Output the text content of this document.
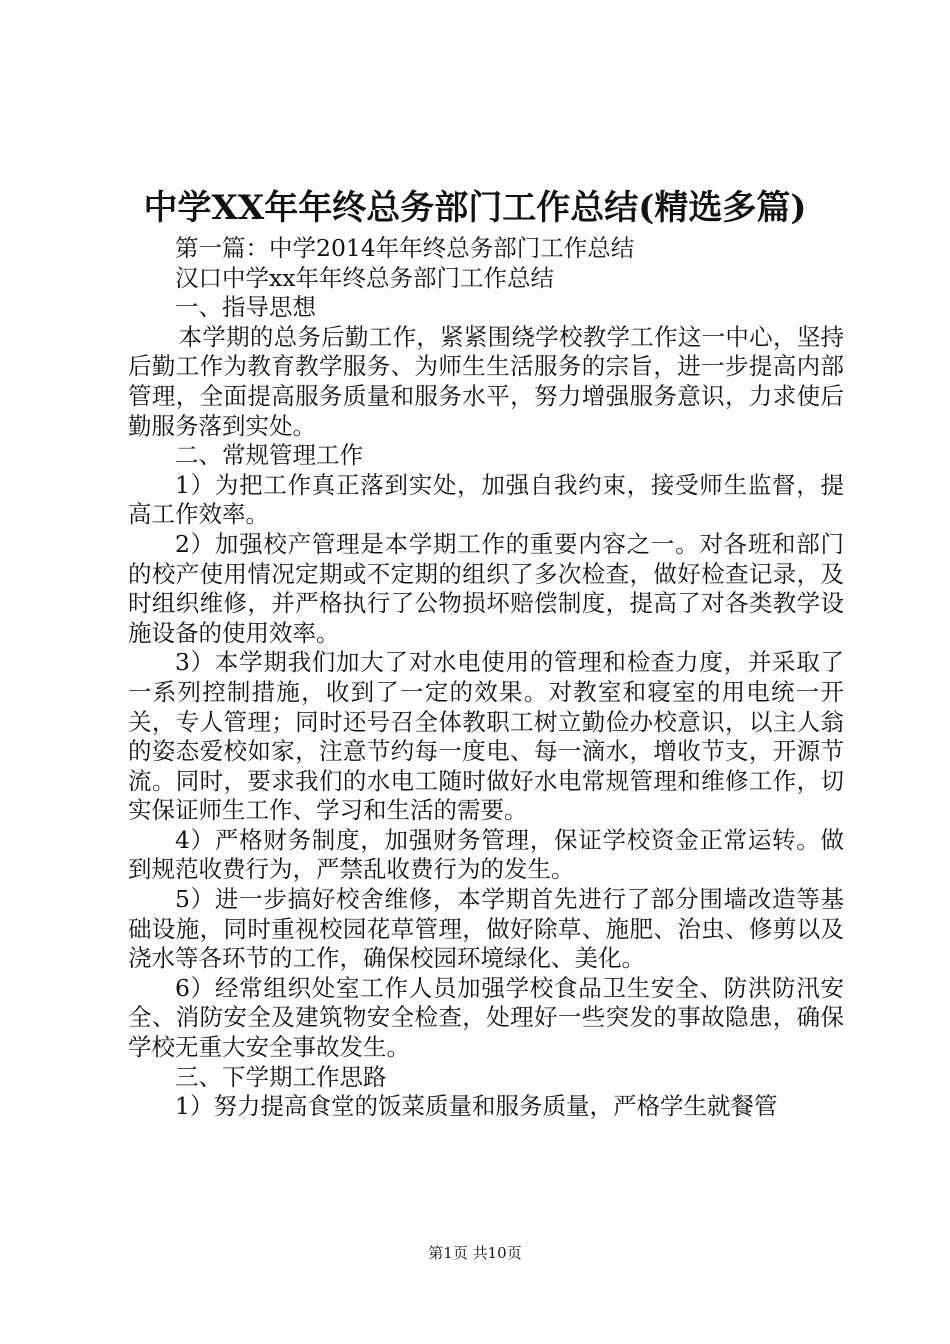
中学XX年年终总务部门工作总结(精选多篇)

第一篇：中学2014年年终总务部门工作总结

汉口中学xx年年终总务部门工作总结

一、指导思想

本学期的总务后勤工作，紧紧围绕学校教学工作这一中心，坚持后勤工作为教育教学服务、为师生生活服务的宗旨，进一步提高内部管理，全面提高服务质量和服务水平，努力增强服务意识，力求使后勤服务落到实处。

二、常规管理工作

1）为把工作真正落到实处，加强自我约束，接受师生监督，提高工作效率。

2）加强校产管理是本学期工作的重要内容之一。对各班和部门的校产使用情况定期或不定期的组织了多次检查，做好检查记录，及时组织维修，并严格执行了公物损坏赔偿制度，提高了对各类教学设施设备的使用效率。

3）本学期我们加大了对水电使用的管理和检查力度，并采取了一系列控制措施，收到了一定的效果。对教室和寝室的用电统一开关，专人管理；同时还号召全体教职工树立勤俭办校意识，以主人翁的姿态爱校如家，注意节约每一度电、每一滴水，增收节支，开源节流。同时，要求我们的水电工随时做好水电常规管理和维修工作，切实保证师生工作、学习和生活的需要。

4）严格财务制度，加强财务管理，保证学校资金正常运转。做到规范收费行为，严禁乱收费行为的发生。

5）进一步搞好校舍维修，本学期首先进行了部分围墙改造等基础设施，同时重视校园花草管理，做好除草、施肥、治虫、修剪以及浇水等各环节的工作，确保校园环境绿化、美化。

6）经常组织处室工作人员加强学校食品卫生安全、防洪防汛安全、消防安全及建筑物安全检查，处理好一些突发的事故隐患，确保学校无重大安全事故发生。

三、下学期工作思路

1）努力提高食堂的饭菜质量和服务质量，严格学生就餐管

第1页 共10页
